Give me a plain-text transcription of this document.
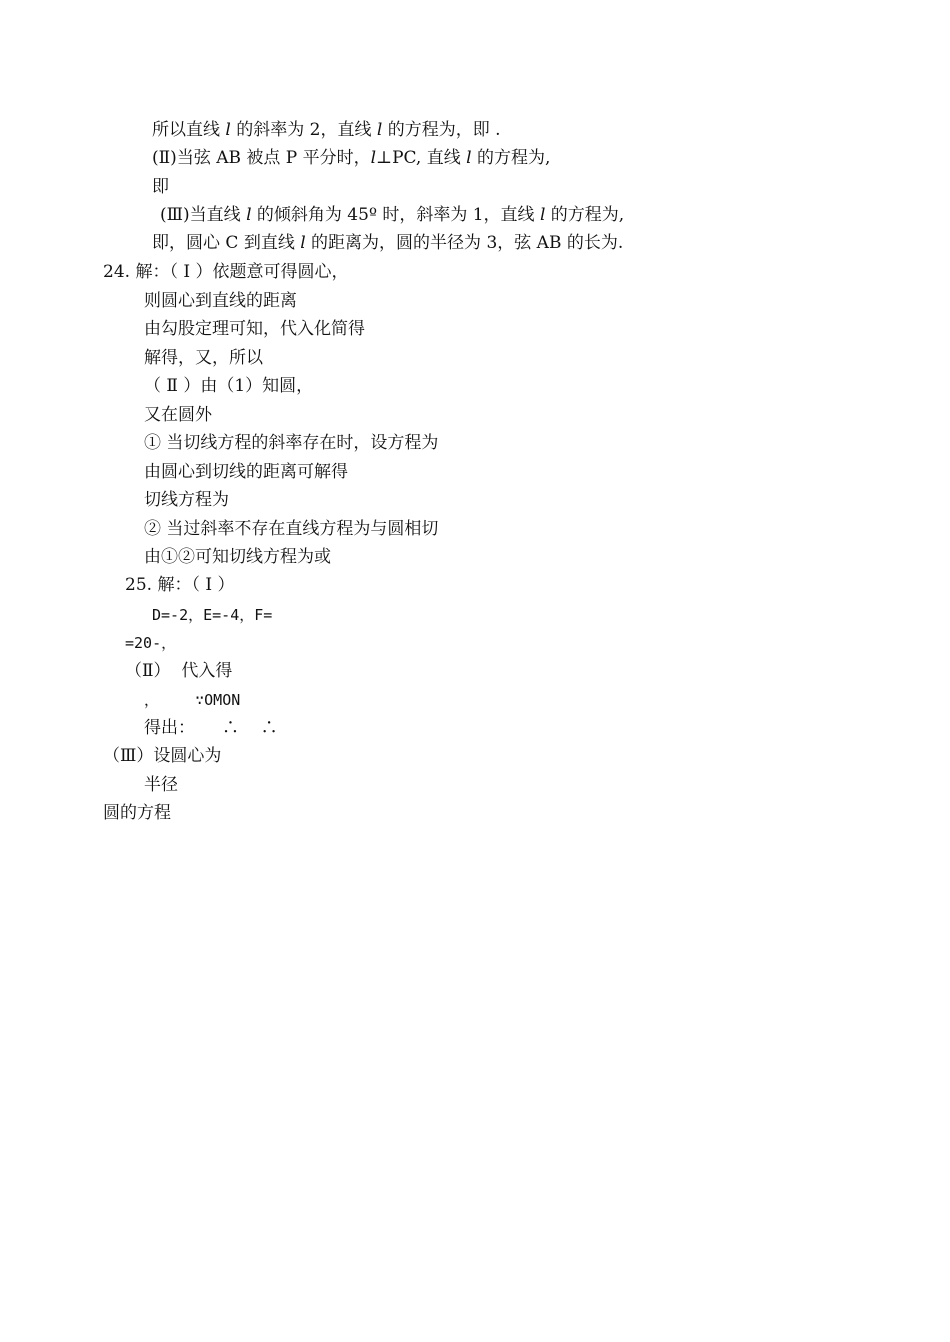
所以直线 l 的斜率为 2，直线 l 的方程为，即 .
(Ⅱ)当弦 AB 被点 P 平分时，l⊥PC, 直线 l 的方程为,
即
(Ⅲ)当直线 l 的倾斜角为 45º 时，斜率为 1，直线 l 的方程为,
即，圆心 C 到直线 l 的距离为，圆的半径为 3，弦 AB 的长为.
24. 解：（ Ⅰ ）依题意可得圆心，
则圆心到直线的距离
由勾股定理可知，代入化简得
解得，又，所以
（ Ⅱ ）由（1）知圆，
又在圆外
① 当切线方程的斜率存在时，设方程为
由圆心到切线的距离可解得
切线方程为
② 当过斜率不存在直线方程为与圆相切
由①②可知切线方程为或
25. 解：（ Ⅰ ）
D=-2，E=-4，F=
=20-，
（Ⅱ）  代入得
，    ∵OMON
得出：     ∴    ∴
（Ⅲ）设圆心为
半径
圆的方程
